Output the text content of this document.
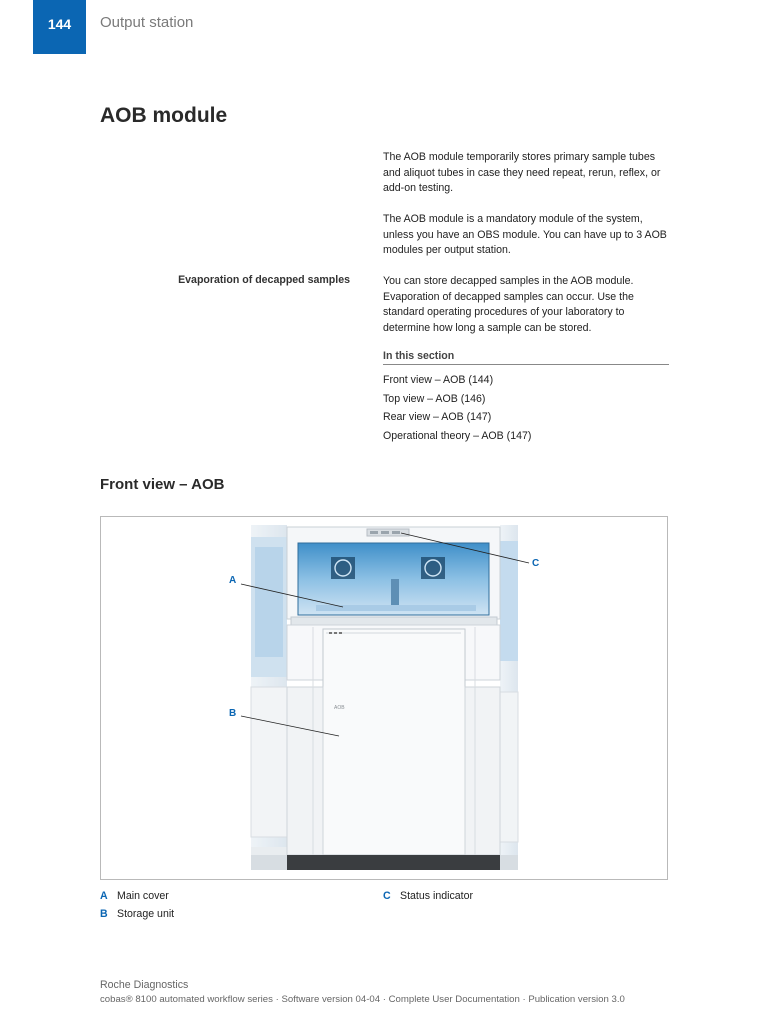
144 Output station
AOB module

The AOB module temporarily stores primary sample tubes and aliquot tubes in case they need repeat, rerun, reflex, or add-on testing.

The AOB module is a mandatory module of the system, unless you have an OBS module. You can have up to 3 AOB modules per output station.

Evaporation of decapped samples	You can store decapped samples in the AOB module. Evaporation of decapped samples can occur. Use the standard operating procedures of your laboratory to determine how long a sample can be stored.

In this section
Front view – AOB (144)
Top view – AOB (146)
Rear view – AOB (147)
Operational theory – AOB (147)
Front view – AOB
AOB
A
B
C
A Main cover
B Storage unit
C Status indicator
Roche Diagnostics
cobas® 8100 automated workflow series · Software version 04-04 · Complete User Documentation · Publication version 3.0
